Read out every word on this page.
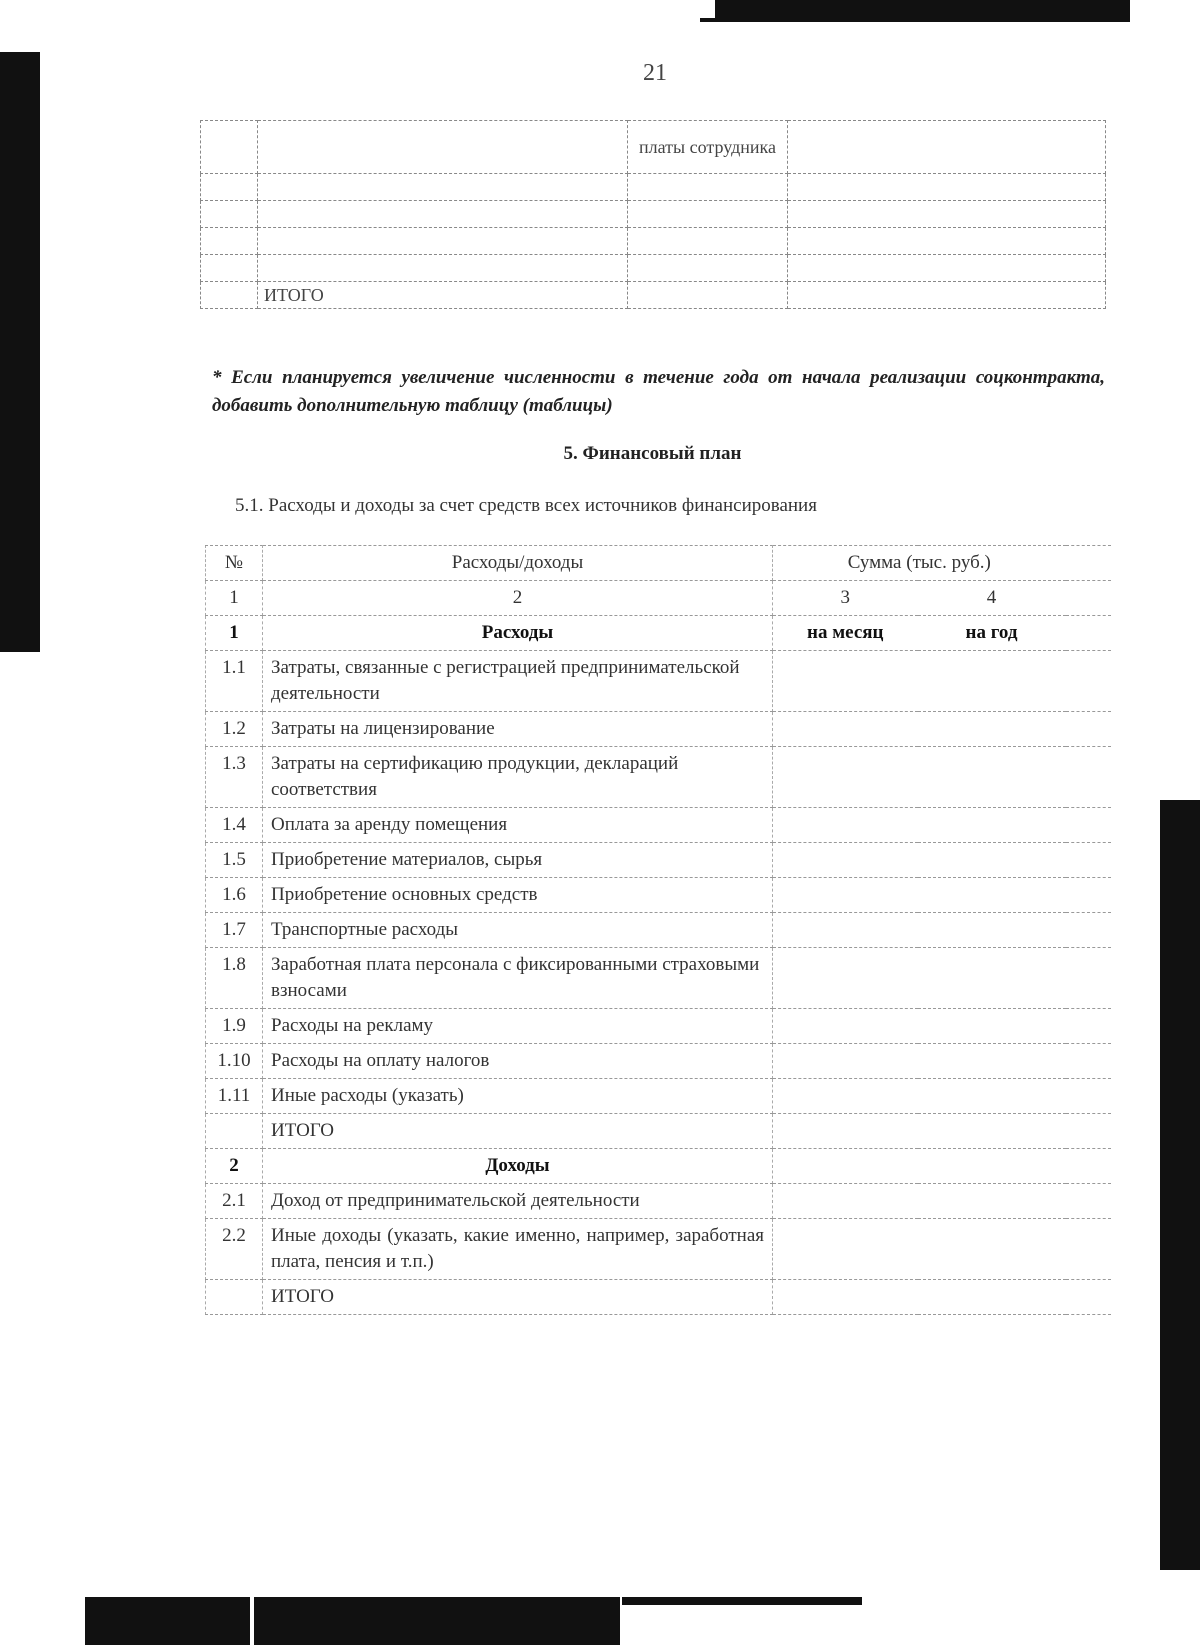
21
		платы сотрудника	

	ИТОГО		
* Если планируется увеличение численности в течение года от начала реализации соцконтракта, добавить дополнительную таблицу (таблицы)
5. Финансовый план
5.1. Расходы и доходы за счет средств всех источников финансирования
№	Расходы/доходы	Сумма (тыс. руб.)		
1	2	3	4	
1	Расходы	на месяц	на год	
1.1	Затраты, связанные с регистрацией предпринимательской деятельности			
1.2	Затраты на лицензирование			
1.3	Затраты на сертификацию продукции, деклараций соответствия			
1.4	Оплата за аренду помещения			
1.5	Приобретение материалов, сырья			
1.6	Приобретение основных средств			
1.7	Транспортные расходы			
1.8	Заработная плата персонала с фиксированными страховыми взносами			
1.9	Расходы на рекламу			
1.10	Расходы на оплату налогов			
1.11	Иные расходы (указать)			
	ИТОГО			
2	Доходы			
2.1	Доход от предпринимательской деятельности			
2.2	Иные доходы (указать, какие именно, например, заработная плата, пенсия и т.п.)			
	ИТОГО			
